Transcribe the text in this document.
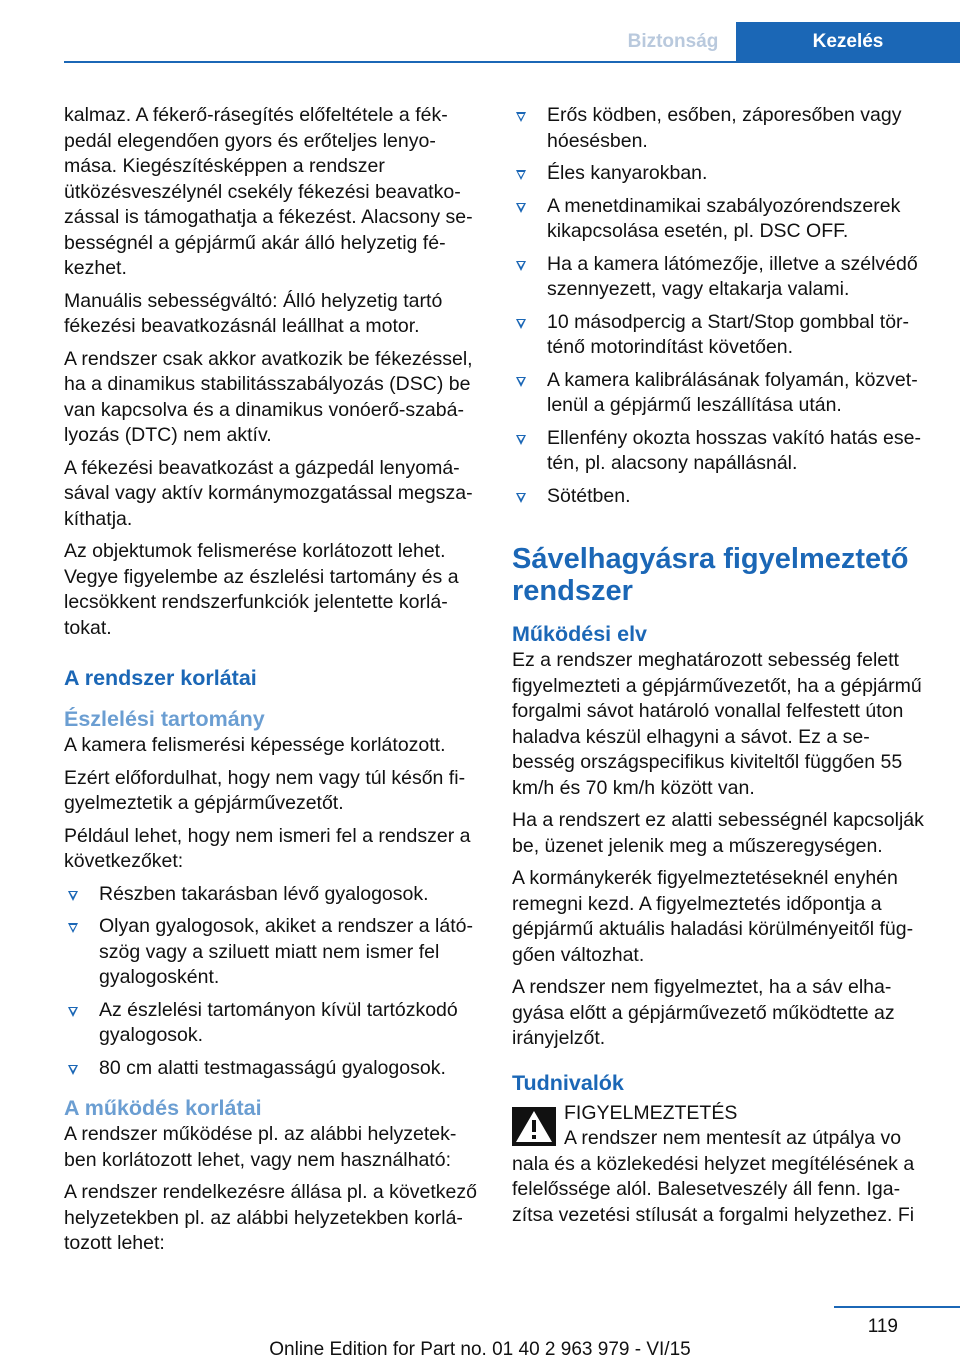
Biztonság	Kezelés

kalmaz. A fékerő-rásegítés előfeltétele a fékpedál elegendően gyors és erőteljes lenyomása. Kiegészítésképpen a rendszer ütközésveszélynél csekély fékezési beavatkozással is támogathatja a fékezést. Alacsony sebességnél a gépjármű akár álló helyzetig fékezhet.

Manuális sebességváltó: Álló helyzetig tartó fékezési beavatkozásnál leállhat a motor.

A rendszer csak akkor avatkozik be fékezéssel, ha a dinamikus stabilitásszabályozás (DSC) be van kapcsolva és a dinamikus vonóerő-szabályozás (DTC) nem aktív.

A fékezési beavatkozást a gázpedál lenyomásával vagy aktív kormánymozgatással megszakíthatja.

Az objektumok felismerése korlátozott lehet. Vegye figyelembe az észlelési tartomány és a lecsökkent rendszerfunkciók jelentette korlátokat.

A rendszer korlátai
Észlelési tartomány

A kamera felismerési képessége korlátozott.

Ezért előfordulhat, hogy nem vagy túl későn figyelmeztetik a gépjárművezetőt.

Például lehet, hogy nem ismeri fel a rendszer a következőket:

Részben takarásban lévő gyalogosok.
Olyan gyalogosok, akiket a rendszer a látószög vagy a sziluett miatt nem ismer fel gyalogosként.
Az észlelési tartományon kívül tartózkodó gyalogosok.
80 cm alatti testmagasságú gyalogosok.
A működés korlátai

A rendszer működése pl. az alábbi helyzetekben korlátozott lehet, vagy nem használható:

A rendszer rendelkezésre állása pl. a következő helyzetekben pl. az alábbi helyzetekben korlátozott lehet:

Erős ködben, esőben, záporesőben vagy hóesésben.
Éles kanyarokban.
A menetdinamikai szabályozórendszerek kikapcsolása esetén, pl. DSC OFF.
Ha a kamera látómezője, illetve a szélvédő szennyezett, vagy eltakarja valami.
10 másodpercig a Start/Stop gombbal történő motorindítást követően.
A kamera kalibrálásának folyamán, közvetlenül a gépjármű leszállítása után.
Ellenfény okozta hosszas vakító hatás esetén, pl. alacsony napállásnál.
Sötétben.
Sávelhagyásra figyelmeztető rendszer
Működési elv

Ez a rendszer meghatározott sebesség felett figyelmezteti a gépjárművezetőt, ha a gépjármű forgalmi sávot határoló vonallal felfestett úton haladva készül elhagyni a sávot. Ez a sebesség országspecifikus kiviteltől függően 55 km/h és 70 km/h között van.

Ha a rendszert ez alatti sebességnél kapcsolják be, üzenet jelenik meg a műszeregységen.

A kormánykerék figyelmeztetéseknél enyhén remegni kezd. A figyelmeztetés időpontja a gépjármű aktuális haladási körülményeitől függően változhat.

A rendszer nem figyelmeztet, ha a sáv elhagyása előtt a gépjárművezető működtette az irányjelzőt.

Tudnivalók
FIGYELMEZTETÉS
A rendszer nem mentesít az útpálya vo

nala és a közlekedési helyzet megítélésének a felelőssége alól. Balesetveszély áll fenn. Igazítsa vezetési stílusát a forgalmi helyzethez. Fi

119
Online Edition for Part no. 01 40 2 963 979 - VI/15
